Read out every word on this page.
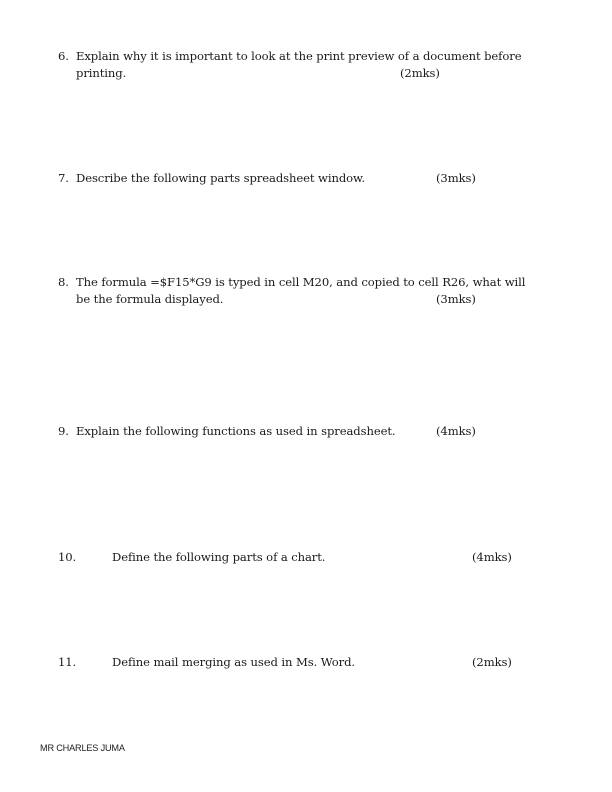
6. Explain why it is important to look at the print preview of a document before
printing.	(2mks)
7. Describe the following parts spreadsheet window.	(3mks)
8. The formula =$F15*G9 is typed in cell M20, and copied to cell R26, what will
be the formula displayed.	(3mks)
9. Explain the following functions as used in spreadsheet.	(4mks)
10.	Define the following parts of a chart.	(4mks)
11.	Define mail merging as used in Ms. Word.	(2mks)
MR CHARLES JUMA
